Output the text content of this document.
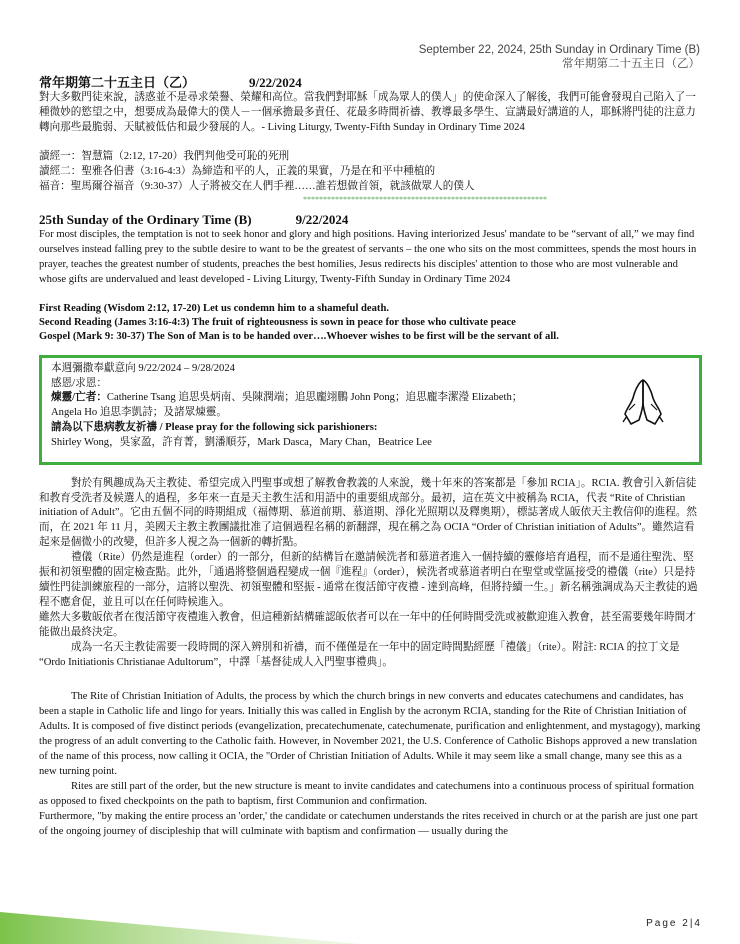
September 22, 2024, 25th Sunday in Ordinary Time (B)
常年期第二十五主日（乙）

常年期第二十五主日（乙）	9/22/2024

對大多數門徒來說，誘惑並不是尋求榮譽、榮耀和高位。當我們對耶穌「成為眾人的僕人」的使命深入了解後，我們可能會發現自己陷入了一種微妙的慾望之中，想要成為最偉大的僕人－一個承擔最多責任、花最多時間祈禱、教導最多學生、宣講最好講道的人，耶穌將門徒的注意力轉向那些最脆弱、天賦被低估和最少發展的人。- Living Liturgy, Twenty-Fifth Sunday in Ordinary Time 2024

讀經一：智慧篇（2:12, 17-20）我們判他受可恥的死刑

讀經二：聖雅各伯書（3:16-4:3）為締造和平的人，正義的果實，乃是在和平中種植的

福音：聖馬爾谷福音（9:30-37）人子將被交在人們手裡……誰若想做首領，就該做眾人的僕人

*************************************************************

25th Sunday of the Ordinary Time (B)	9/22/2024

For most disciples, the temptation is not to seek honor and glory and high positions. Having interiorized Jesus' mandate to be “servant of all,” we may find ourselves instead falling prey to the subtle desire to want to be the greatest of servants – the one who sits on the most committees, spends the most hours in prayer, teaches the greatest number of students, preaches the best homilies, Jesus redirects his disciples' attention to those who are most vulnerable and whose gifts are undervalued and least developed - Living Liturgy, Twenty-Fifth Sunday in Ordinary Time 2024

First Reading (Wisdom 2:12, 17-20) Let us condemn him to a shameful death.

Second Reading (James 3:16-4:3) The fruit of righteousness is sown in peace for those who cultivate peace

Gospel (Mark 9: 30-37) The Son of Man is to be handed over….Whoever wishes to be first will be the servant of all.

本週彌撒奉獻意向 9/22/2024 – 9/28/2024

感恩/求恩：

煉靈/亡者：Catherine Tsang 追思吳炳南、吳陳潤端；追思龐翊鵬 John Pong；追思龐李潔瀅 Elizabeth；

Angela Ho 追思李凱詩；及諸眾煉靈。

請為以下患病教友祈禱 / Please pray for the following sick parishioners:

Shirley Wong，吳家盈，許育菁，劉潘順芬，Mark Dasca，Mary Chan，Beatrice Lee

對於有興趣成為天主教徒、希望完成入門聖事或想了解教會教義的人來說，幾十年來的答案都是「參加 RCIA」。RCIA. 教會引入新信徒和教育受洗者及候選人的過程，多年來一直是天主教生活和用語中的重要組成部分。最初，這在英文中被稱為 RCIA，代表 “Rite of Christian initiation of Adult”。它由五個不同的時期組成（福傳期、慕道前期、慕道期、淨化光照期以及釋奧期），標誌著成人皈依天主教信仰的進程。然而，在 2021 年 11 月，美國天主教主教團議批准了這個過程名稱的新翻譯，現在稱之為 OCIA “Order of Christian initiation of Adults”。雖然這看起來是個微小的改變，但許多人視之為一個新的轉折點。

禮儀（Rite）仍然是進程（order）的一部分，但新的結構旨在邀請候洗者和慕道者進入一個持續的靈修培育過程，而不是通往聖洗、堅振和初領聖體的固定檢查點。此外，「通過將整個過程變成一個『進程』（order），候洗者或慕道者明白在聖堂或堂區接受的禮儀（rite）只是持續性門徒訓練旅程的一部分，這將以聖洗、初領聖體和堅振 - 通常在復活節守夜禮 - 達到高峰，但將持續一生。」新名稱強調成為天主教徒的過程不應倉促，並且可以在任何時候進入。

雖然大多數皈依者在復活節守夜禮進入教會，但這種新結構確認皈依者可以在一年中的任何時間受洗或被歡迎進入教會，甚至需要幾年時間才能做出最終決定。

成為一名天主教徒需要一段時間的深入辨別和祈禱，而不僅僅是在一年中的固定時間點經歷「禮儀」（rite）。附註: RCIA 的拉丁文是 “Ordo Initiationis Christianae Adultorum”，中譯「基督徒成人入門聖事禮典」。

The Rite of Christian Initiation of Adults, the process by which the church brings in new converts and educates catechumens and candidates, has been a staple in Catholic life and lingo for years. Initially this was called in English by the acronym RCIA, standing for the Rite of Christian Initiation of Adults. It is composed of five distinct periods (evangelization, precatechumenate, catechumenate, purification and enlightenment, and mystagogy), marking the progress of an adult converting to the Catholic faith. However, in November 2021, the U.S. Conference of Catholic Bishops approved a new translation of the name of this process, now calling it OCIA, the "Order of Christian Initiation of Adults. While it may seem like a small change, many see this as a new turning point.

Rites are still part of the order, but the new structure is meant to invite candidates and catechumens into a continuous process of spiritual formation as opposed to fixed checkpoints on the path to baptism, first Communion and confirmation.

Furthermore, "by making the entire process an 'order,' the candidate or catechumen understands the rites received in church or at the parish are just one part of the ongoing journey of discipleship that will culminate with baptism and confirmation — usually during the

Page 2|4
